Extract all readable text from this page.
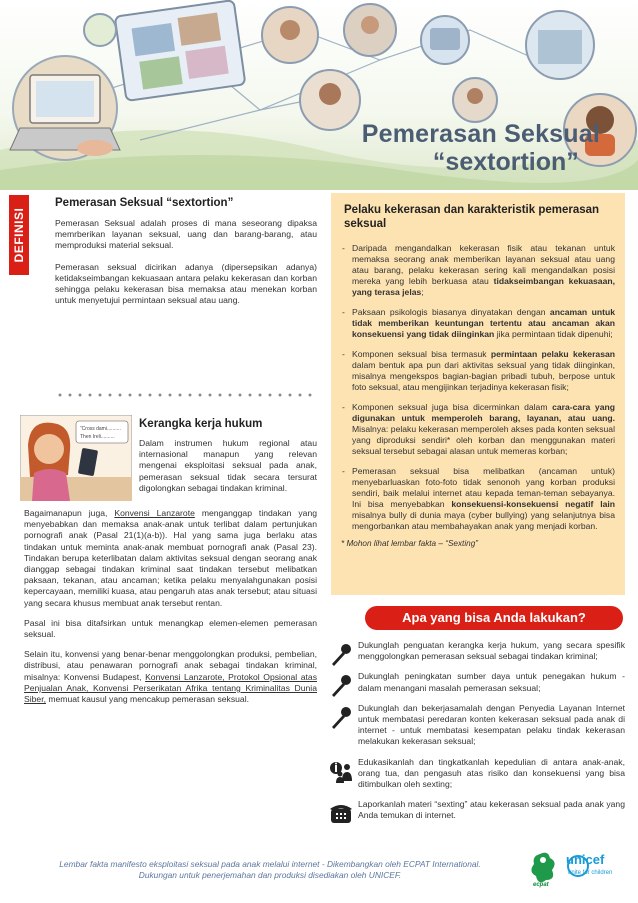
Pemerasan Seksual
“sextortion”
DEFINISI
Pemerasan Seksual “sextortion”

Pemerasan Seksual adalah proses di mana seseorang dipaksa memrberikan layanan seksual, uang dan barang-barang, atau memproduksi material seksual.

Pemerasan seksual dicirikan adanya (dipersepsikan adanya) ketidakseimbangan kekuasaan antara pelaku kekerasan dan korban sehingga pelaku kekerasan bisa memaksa atau menekan korban untuk menyetujui permintaan seksual atau uang.

“Cross dami..........
Then Ireli..........
Kerangka kerja hukum

Dalam instrumen hukum regional atau internasional manapun yang relevan mengenai eksploitasi seksual pada anak, pemerasan seksual tidak secara tersurat digolongkan sebagai tindakan kriminal.

Bagaimanapun juga, Konvensi Lanzarote menganggap tindakan yang menyebabkan dan memaksa anak-anak untuk terlibat dalam pertunjukan pornografi anak (Pasal 21(1)(a-b)). Hal yang sama juga berlaku atas tindakan untuk meminta anak-anak membuat pornografi anak (Pasal 23). Tindakan berupa keterlibatan dalam aktivitas seksual dengan seorang anak dianggap sebagai tindakan kriminal saat tindakan tersebut melibatkan paksaan, tekanan, atau ancaman; ketika pelaku menyalahgunakan posisi kepercayaan, memiliki kuasa, atau pengaruh atas anak tersebut; atau situasi yang secara khusus membuat anak tersebut rentan.

Pasal ini bisa ditafsirkan untuk menangkap elemen-elemen pemerasan seksual.

Selain itu, konvensi yang benar-benar menggolongkan produksi, pembelian, distribusi, atau penawaran pornografi anak sebagai tindakan kriminal, misalnya: Konvensi Budapest, Konvensi Lanzarote, Protokol Opsional atas Penjualan Anak, Konvensi Perserikatan Afrika tentang Kriminalitas Dunia Siber, memuat kausul yang mencakup pemerasan seksual.

Pelaku kekerasan dan karakteristik pemerasan seksual
- Daripada mengandalkan kekerasan fisik atau tekanan untuk memaksa seorang anak memberikan layanan seksual atau uang atau barang, pelaku kekerasan sering kali mengandalkan posisi mereka yang lebih berkuasa atau tidakseimbangan kekuasaan, yang terasa jelas;
- Paksaan psikologis biasanya dinyatakan dengan ancaman untuk tidak memberikan keuntungan tertentu atau ancaman akan konsekuensi yang tidak diinginkan jika permintaan tidak dipenuhi;
- Komponen seksual bisa termasuk permintaan pelaku kekerasan dalam bentuk apa pun dari aktivitas seksual yang tidak diinginkan, misalnya mengekspos bagian-bagian pribadi tubuh, berpose untuk foto seksual, atau mengijinkan terjadinya kekerasan fisik;
- Komponen seksual juga bisa dicerminkan dalam cara-cara yang digunakan untuk memperoleh barang, layanan, atau uang. Misalnya: pelaku kekerasan memperoleh akses pada konten seksual yang diproduksi sendiri* oleh korban dan menggunakan materi seksual tersebut sebagai alasan untuk memeras korban;
- Pemerasan seksual bisa melibatkan (ancaman untuk) menyebarluaskan foto-foto tidak senonoh yang korban produksi sendiri, baik melalui internet atau kepada teman-teman sebayanya. Ini bisa menyebabkan konsekuensi-konsekuensi negatif lain misalnya bully di dunia maya (cyber bullying) yang selanjutnya bisa mengorbankan atau membahayakan anak yang menjadi korban.
* Mohon lihat lembar fakta – “Sexting”
Apa yang bisa Anda lakukan?

Dukunglah penguatan kerangka kerja hukum, yang secara spesifik menggolongkan pemerasan seksual sebagai tindakan kriminal;

Dukunglah peningkatan sumber daya untuk penegakan hukum - dalam menangani masalah pemerasan seksual;

Dukunglah dan bekerjasamalah dengan Penyedia Layanan Internet untuk membatasi peredaran konten kekerasan seksual pada anak di internet - untuk membatasi kesempatan pelaku tindak kekerasan melakukan kekerasan seksual;

Edukasikanlah dan tingkatkanlah kepedulian di antara anak-anak, orang tua, dan pengasuh atas risiko dan konsekuensi yang bisa ditimbulkan oleh sexting;

Laporkanlah materi “sexting” atau kekerasan seksual pada anak yang Anda temukan di internet.

Lembar fakta manifesto eksploitasi seksual pada anak melalui internet - Dikembangkan oleh ECPAT International.
Dukungan untuk penerjemahan dan produksi disediakan oleh UNICEF.
unicef
unite for children
ecpat
